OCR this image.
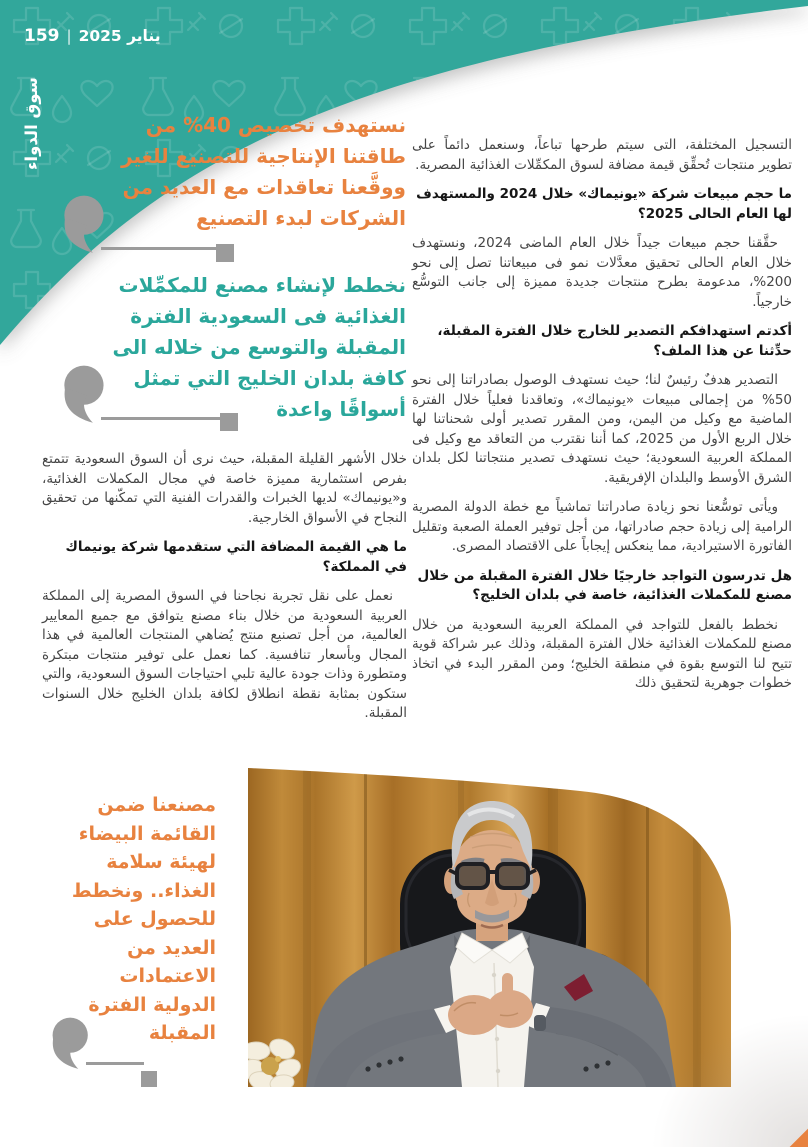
159 | يناير 2025
سوق الدواء	نستهدف تخصيص 40% من طاقتنا الإنتاجية للتصنيع للغير ووقَّعنا تعاقدات مع العديد من الشركات لبدء التصنيع
نخطط لإنشاء مصنع للمكمِّلات الغذائية فى السعودية الفترة المقبلة والتوسع من خلاله الى كافة بلدان الخليج التي تمثل أسواقًا واعدة

التسجيل المختلفة، التى سيتم طرحها تباعاً، وسنعمل دائماً على تطوير منتجات تُحقِّق قيمة مضافة لسوق المكمِّلات الغذائية المصرية.

ما حجم مبيعات شركة «يونيماك» خلال 2024 والمستهدف لها العام الحالى 2025؟

حقَّقنا حجم مبيعات جيداً خلال العام الماضى 2024، ونستهدف خلال العام الحالى تحقيق معدَّلات نمو فى مبيعاتنا تصل إلى نحو 200%، مدعومة بطرح منتجات جديدة مميزة إلى جانب التوسُّع خارجياً.

أكدتم استهدافكم التصدير للخارج خلال الفترة المقبلة، حدِّثنا عن هذا الملف؟

التصدير هدفٌ رئيسٌ لنا؛ حيث نستهدف الوصول بصادراتنا إلى نحو 50% من إجمالى مبيعات «يونيماك»، وتعاقدنا فعلياً خلال الفترة الماضية مع وكيل من اليمن، ومن المقرر تصدير أولى شحناتنا لها خلال الربع الأول من 2025، كما أننا نقترب من التعاقد مع وكيل فى المملكة العربية السعودية؛ حيث نستهدف تصدير منتجاتنا لكل بلدان الشرق الأوسط والبلدان الإفريقية.

ويأتى توسُّعنا نحو زيادة صادراتنا تماشياً مع خطة الدولة المصرية الرامية إلى زيادة حجم صادراتها، من أجل توفير العملة الصعبة وتقليل الفاتورة الاستيرادية، مما ينعكس إيجاباً على الاقتصاد المصرى.

هل تدرسون التواجد خارجيًا خلال الفترة المقبلة من خلال مصنع للمكملات الغذائية، خاصة في بلدان الخليج؟

نخطط بالفعل للتواجد في المملكة العربية السعودية من خلال مصنع للمكملات الغذائية خلال الفترة المقبلة، وذلك عبر شراكة قوية تتيح لنا التوسع بقوة في منطقة الخليج؛ ومن المقرر البدء في اتخاذ خطوات جوهرية لتحقيق ذلك

خلال الأشهر القليلة المقبلة، حيث نرى أن السوق السعودية تتمتع بفرص استثمارية مميزة خاصة في مجال المكملات الغذائية، و«يونيماك» لديها الخبرات والقدرات الفنية التي تمكّنها من تحقيق النجاح في الأسواق الخارجية.

ما هي القيمة المضافة التي ستقدمها شركة يونيماك في المملكة؟

نعمل على نقل تجربة نجاحنا في السوق المصرية إلى المملكة العربية السعودية من خلال بناء مصنع يتوافق مع جميع المعايير العالمية، من أجل تصنيع منتج يُضاهي المنتجات العالمية في هذا المجال وبأسعار تنافسية. كما نعمل على توفير منتجات مبتكرة ومتطورة وذات جودة عالية تلبي احتياجات السوق السعودية، والتي ستكون بمثابة نقطة انطلاق لكافة بلدان الخليج خلال السنوات المقبلة.

مصنعنا ضمن القائمة البيضاء لهيئة سلامة الغذاء.. ونخطط للحصول على العديد من الاعتمادات الدولية الفترة المقبلة
